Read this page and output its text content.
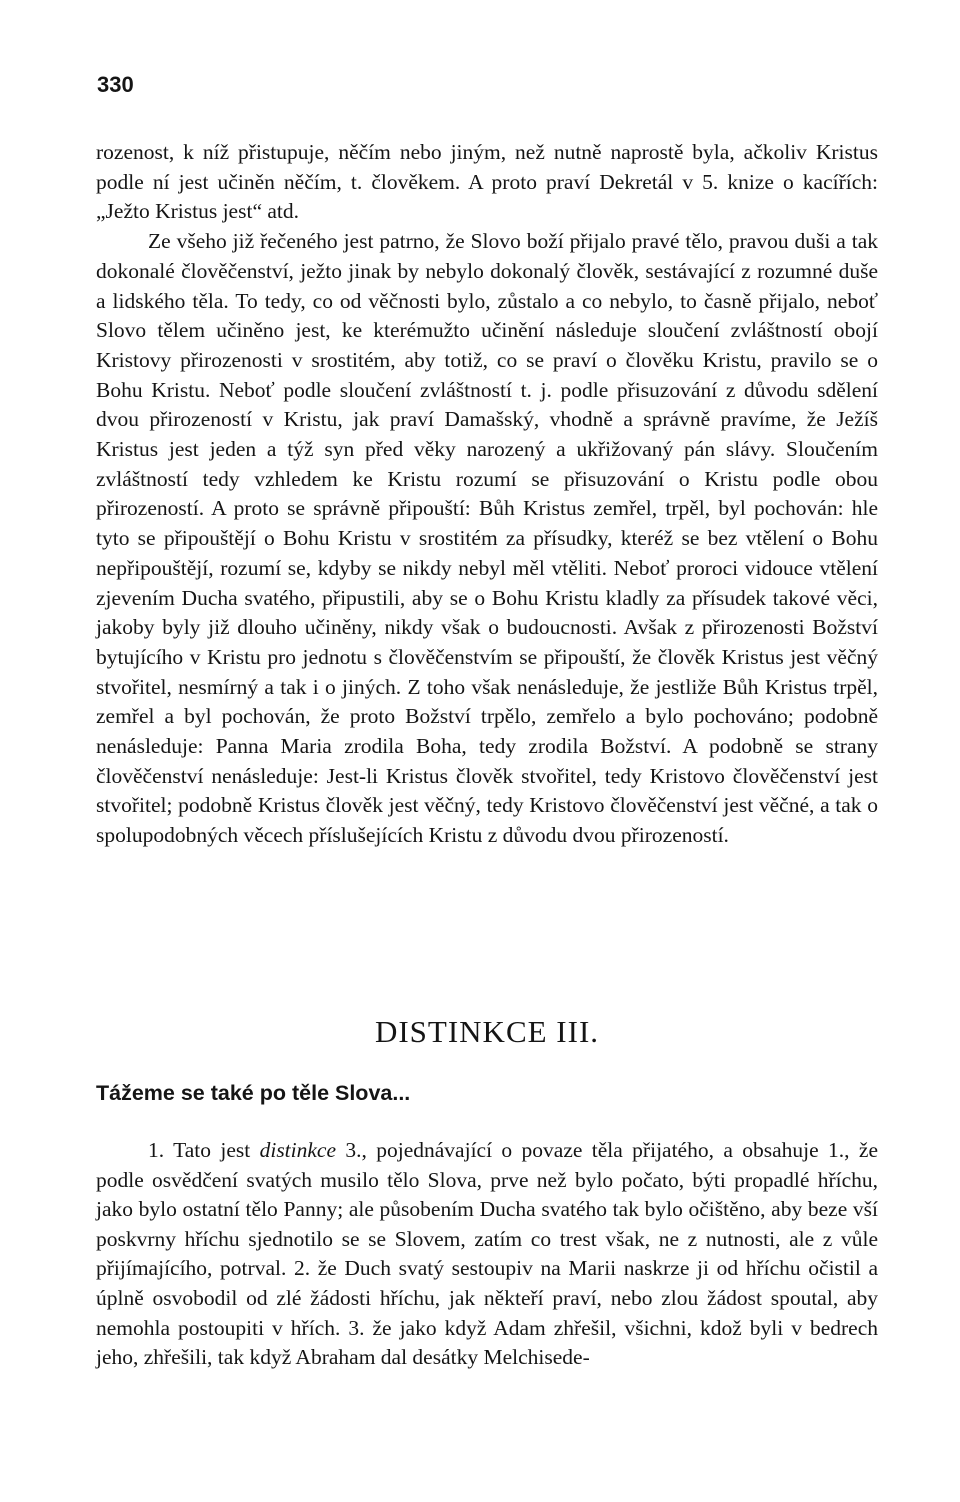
330

rozenost, k níž přistupuje, něčím nebo jiným, než nutně naprostě byla, ačkoliv Kristus podle ní jest učiněn něčím, t. člověkem. A proto praví Dekretál v 5. knize o kacířích: „Ježto Kristus jest“ atd.

Ze všeho již řečeného jest patrno, že Slovo boží přijalo pravé tělo, pravou duši a tak dokonalé člověčenství, ježto jinak by nebylo dokonalý člověk, sestávající z rozumné duše a lidského těla. To tedy, co od věčnosti bylo, zůstalo a co nebylo, to časně přijalo, neboť Slovo tělem učiněno jest, ke kterémužto učinění následuje sloučení zvláštností obojí Kristovy přirozenosti v srostitém, aby totiž, co se praví o člověku Kristu, pravilo se o Bohu Kristu. Neboť podle sloučení zvláštností t. j. podle přisuzování z důvodu sdělení dvou přirozeností v Kristu, jak praví Damašský, vhodně a správně pravíme, že Ježíš Kristus jest jeden a týž syn před věky narozený a ukřižovaný pán slávy. Sloučením zvláštností tedy vzhledem ke Kristu rozumí se přisuzování o Kristu podle obou přirozeností. A proto se správně připouští: Bůh Kristus zemřel, trpěl, byl pochován: hle tyto se připouštějí o Bohu Kristu v srostitém za přísudky, kteréž se bez vtělení o Bohu nepřipouštějí, rozumí se, kdyby se nikdy nebyl měl vtěliti. Neboť proroci vidouce vtělení zjevením Ducha svatého, připustili, aby se o Bohu Kristu kladly za přísudek takové věci, jakoby byly již dlouho učiněny, nikdy však o budoucnosti. Avšak z přirozenosti Božství bytujícího v Kristu pro jednotu s člověčenstvím se připouští, že člověk Kristus jest věčný stvořitel, nesmírný a tak i o jiných. Z toho však nenásleduje, že jestliže Bůh Kristus trpěl, zemřel a byl pochován, že proto Božství trpělo, zemřelo a bylo pochováno; podobně nenásleduje: Panna Maria zrodila Boha, tedy zrodila Božství. A podobně se strany člověčenství nenásleduje: Jest-li Kristus člověk stvořitel, tedy Kristovo člověčenství jest stvořitel; podobně Kristus člověk jest věčný, tedy Kristovo člověčenství jest věčné, a tak o spolupodobných věcech příslušejících Kristu z důvodu dvou přirozeností.

DISTINKCE III.
Tážeme se také po těle Slova...

1. Tato jest distinkce 3., pojednávající o povaze těla přijatého, a obsahuje 1., že podle osvědčení svatých musilo tělo Slova, prve než bylo počato, býti propadlé hříchu, jako bylo ostatní tělo Panny; ale působením Ducha svatého tak bylo očištěno, aby beze vší poskvrny hříchu sjednotilo se se Slovem, zatím co trest však, ne z nutnosti, ale z vůle přijímajícího, potrval. 2. že Duch svatý sestoupiv na Marii naskrze ji od hříchu očistil a úplně osvobodil od zlé žádosti hříchu, jak někteří praví, nebo zlou žádost spoutal, aby nemohla postoupiti v hřích. 3. že jako když Adam zhřešil, všichni, kdož byli v bedrech jeho, zhřešili, tak když Abraham dal desátky Melchisede-
